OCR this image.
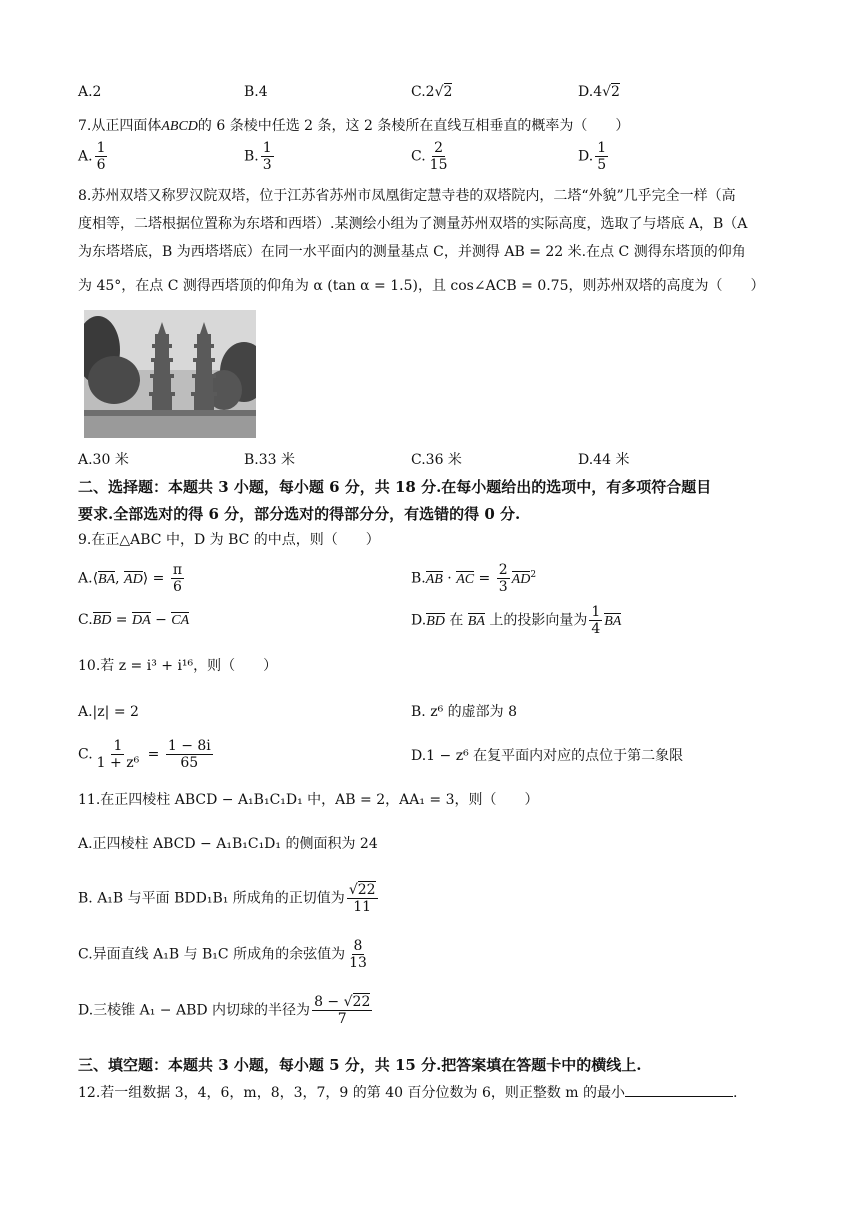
A.2	B.4	C.2√2	D.4√2
7.从正四面体ABCD的 6 条棱中任选 2 条，这 2 条棱所在直线互相垂直的概率为（　　）
A. $\frac{1}{6}$	B. $\frac{1}{3}$	C. $\frac{2}{15}$	D. $\frac{1}{5}$
8.苏州双塔又称罗汉院双塔，位于江苏省苏州市凤凰街定慧寺巷的双塔院内，二塔“外貌”几乎完全一样（高
度相等，二塔根据位置称为东塔和西塔）.某测绘小组为了测量苏州双塔的实际高度，选取了与塔底 A，B（A
为东塔塔底，B 为西塔塔底）在同一水平面内的测量基点 C，并测得 AB = 22 米.在点 C 测得东塔顶的仰角
为 45°，在点 C 测得西塔顶的仰角为 α (tan α = 1.5)，且 cos∠ACB = 0.75，则苏州双塔的高度为（　　）
A.30 米	B.33 米	C.36 米	D.44 米
二、选择题：本题共 3 小题，每小题 6 分，共 18 分.在每小题给出的选项中，有多项符合题目
要求.全部选对的得 6 分，部分选对的得部分分，有选错的得 0 分.
9.在正△ABC 中，D 为 BC 的中点，则（　　）
A.⟨BA, AD⟩ = $\frac{\pi}{6}$	B.AB · AC = $\frac{2}{3} AD^2$
C.BD = DA − CA	D.BD 在 BA 上的投影向量为 $\frac{1}{4}$ BA
10.若 z = i³ + i¹⁶，则（　　）
A.|z| = 2	B. z⁶ 的虚部为 8
C. $\frac{1}{\text{1 + z⁶}} = \frac{1 - 8i}{65}$	D.1 − z⁶ 在复平面内对应的点位于第二象限
11.在正四棱柱 ABCD − A₁B₁C₁D₁ 中，AB = 2，AA₁ = 3，则（　　）
A.正四棱柱 ABCD − A₁B₁C₁D₁ 的侧面积为 24
B. A₁B 与平面 BDD₁B₁ 所成角的正切值为 $\frac{√22}{11}$
C.异面直线 A₁B 与 B₁C 所成角的余弦值为 $\frac{8}{13}$
D.三棱锥 A₁ − ABD 内切球的半径为 $\frac{8 - √22}{7}$
三、填空题：本题共 3 小题，每小题 5 分，共 15 分.把答案填在答题卡中的横线上.
12.若一组数据 3，4，6，m，8，3，7，9 的第 40 百分位数为 6，则正整数 m 的最小	.
